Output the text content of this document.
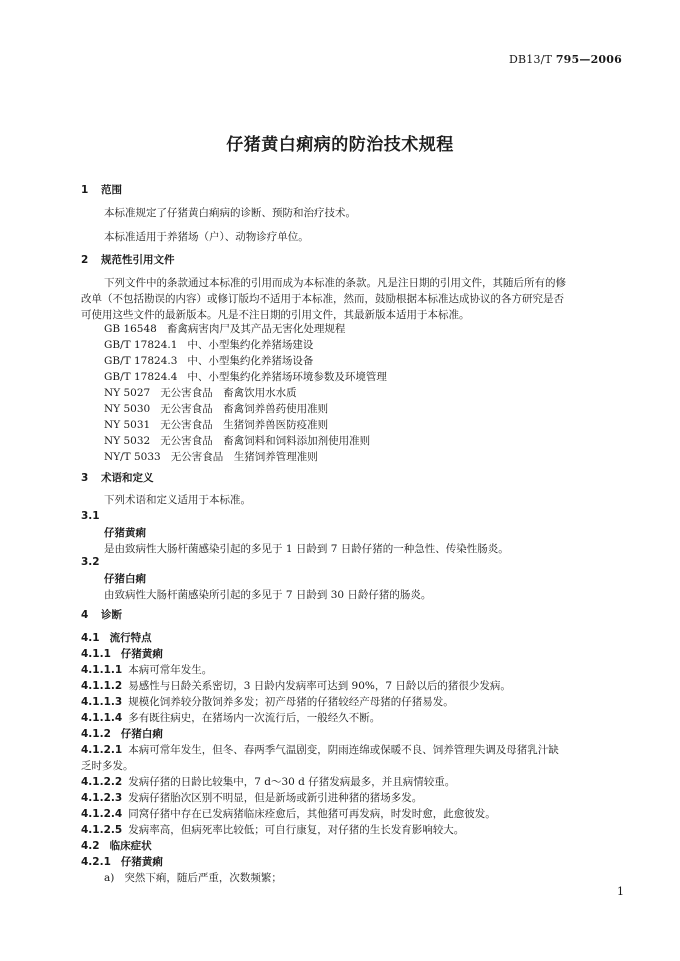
DB13/T 795—2006
仔猪黄白痢病的防治技术规程
1 范围
本标准规定了仔猪黄白痢病的诊断、预防和治疗技术。
本标准适用于养猪场（户）、动物诊疗单位。
2 规范性引用文件
下列文件中的条款通过本标准的引用而成为本标准的条款。凡是注日期的引用文件，其随后所有的修
改单（不包括勘误的内容）或修订版均不适用于本标准，然而，鼓励根据本标准达成协议的各方研究是否
可使用这些文件的最新版本。凡是不注日期的引用文件，其最新版本适用于本标准。
GB 16548 畜禽病害肉尸及其产品无害化处理规程
GB/T 17824.1 中、小型集约化养猪场建设
GB/T 17824.3 中、小型集约化养猪场设备
GB/T 17824.4 中、小型集约化养猪场环境参数及环境管理
NY 5027 无公害食品　畜禽饮用水水质
NY 5030 无公害食品　畜禽饲养兽药使用准则
NY 5031 无公害食品　生猪饲养兽医防疫准则
NY 5032 无公害食品　畜禽饲料和饲料添加剂使用准则
NY/T 5033 无公害食品　生猪饲养管理准则
3 术语和定义
下列术语和定义适用于本标准。
3.1
仔猪黄痢
是由致病性大肠杆菌感染引起的多见于 1 日龄到 7 日龄仔猪的一种急性、传染性肠炎。
3.2
仔猪白痢
由致病性大肠杆菌感染所引起的多见于 7 日龄到 30 日龄仔猪的肠炎。
4 诊断
4.1 流行特点
4.1.1 仔猪黄痢
4.1.1.1 本病可常年发生。
4.1.1.2 易感性与日龄关系密切，3 日龄内发病率可达到 90%，7 日龄以后的猪很少发病。
4.1.1.3 规模化饲养较分散饲养多发；初产母猪的仔猪较经产母猪的仔猪易发。
4.1.1.4 多有既往病史，在猪场内一次流行后，一般经久不断。
4.1.2 仔猪白痢
4.1.2.1 本病可常年发生，但冬、春两季气温剧变，阴雨连绵或保暖不良、饲养管理失调及母猪乳汁缺
乏时多发。
4.1.2.2 发病仔猪的日龄比较集中，7 d～30 d 仔猪发病最多，并且病情较重。
4.1.2.3 发病仔猪胎次区别不明显，但是新场或新引进种猪的猪场多发。
4.1.2.4 同窝仔猪中存在已发病猪临床痊愈后，其他猪可再发病，时发时愈，此愈彼发。
4.1.2.5 发病率高，但病死率比较低；可自行康复，对仔猪的生长发育影响较大。
4.2 临床症状
4.2.1 仔猪黄痢
a) 突然下痢，随后严重，次数频繁；
1
